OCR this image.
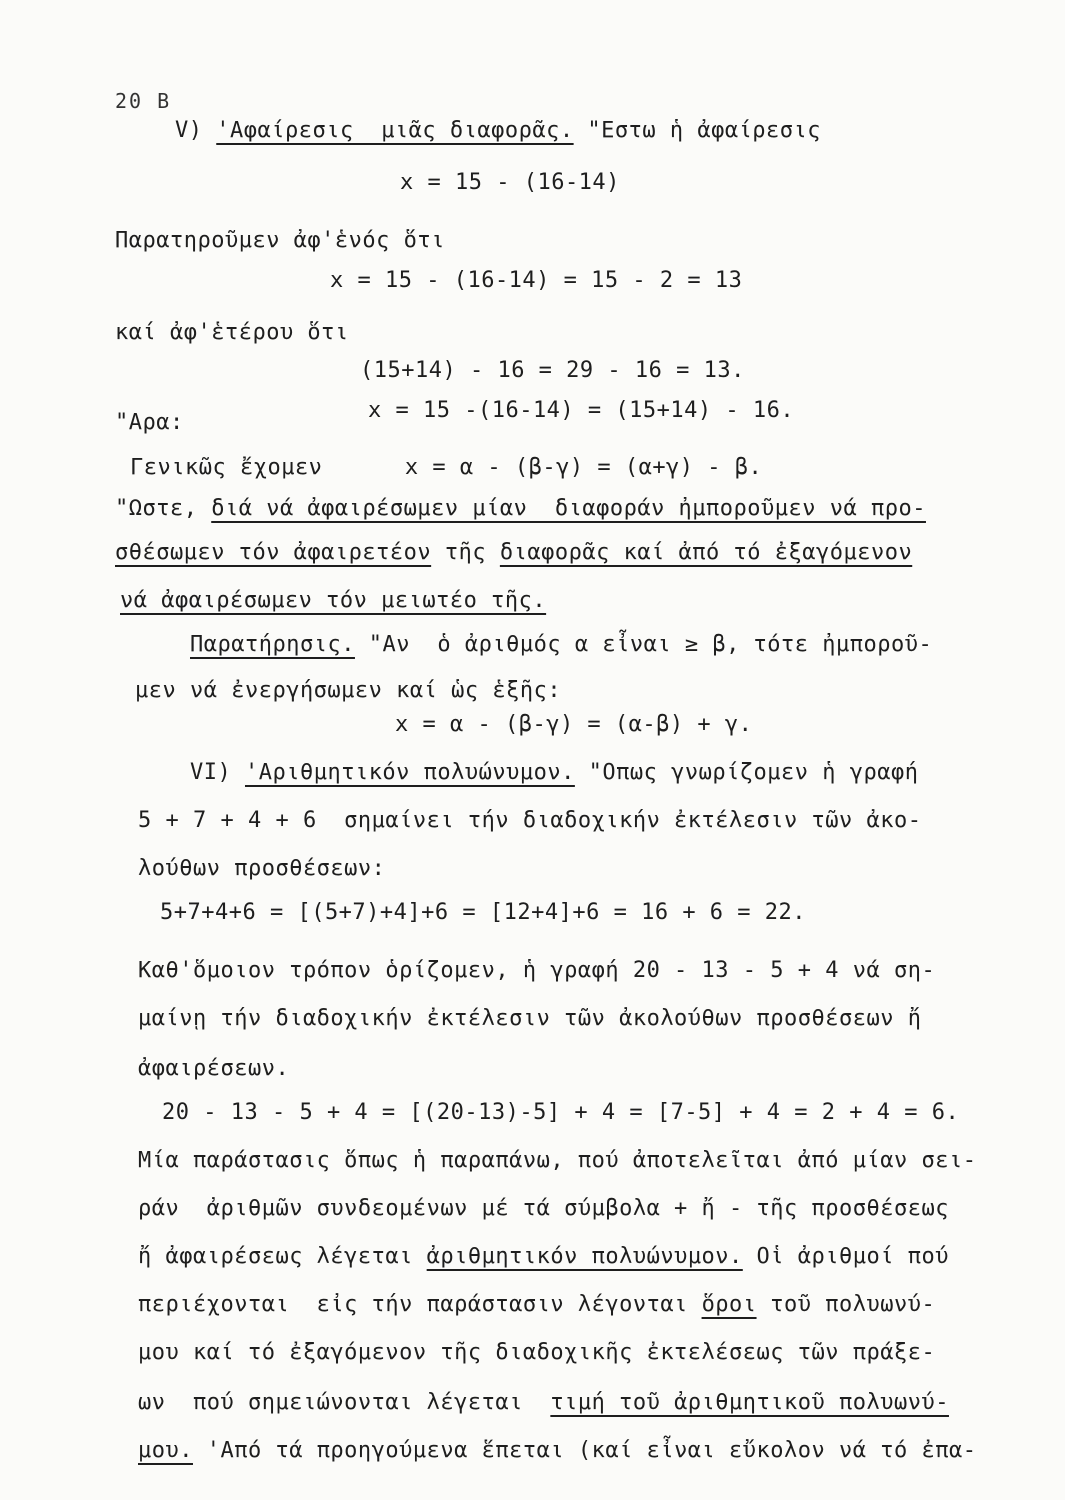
20 B
V) 'Αφαίρεσις  μιᾶς διαφορᾶς. "Εστω ἡ ἀφαίρεσις
x = 15 - (16-14)
Παρατηροῦμεν ἀφ'ἑνός ὅτι
x = 15 - (16-14) = 15 - 2 = 13
καί ἀφ'ἑτέρου ὅτι
(15+14) - 16 = 29 - 16 = 13.
"Αρα:	x = 15 -(16-14) = (15+14) - 16.
Γενικῶς ἔχομεν      x = α - (β-γ) = (α+γ) - β.
"Ωστε, διά νά ἀφαιρέσωμεν μίαν  διαφοράν ἠμποροῦμεν νά προ-
σθέσωμεν τόν ἀφαιρετέον τῆς διαφορᾶς καί ἀπό τό ἐξαγόμενον
νά ἀφαιρέσωμεν τόν μειωτέο τῆς.
Παρατήρησις. "Αν  ὁ ἀριθμός α εἶναι ≥ β, τότε ἠμποροῦ-
μεν νά ἐνεργήσωμεν καί ὡς ἑξῆς:
x = α - (β-γ) = (α-β) + γ.
VI) 'Αριθμητικόν πολυώνυμον. "Οπως γνωρίζομεν ἡ γραφή
5 + 7 + 4 + 6  σημαίνει τήν διαδοχικήν ἐκτέλεσιν τῶν ἀκο-
λούθων προσθέσεων:
5+7+4+6 = [(5+7)+4]+6 = [12+4]+6 = 16 + 6 = 22.
Καθ'ὅμοιον τρόπον ὁρίζομεν, ἡ γραφή 20 - 13 - 5 + 4 νά ση-
μαίνῃ τήν διαδοχικήν ἐκτέλεσιν τῶν ἀκολούθων προσθέσεων ἤ
ἀφαιρέσεων.
20 - 13 - 5 + 4 = [(20-13)-5] + 4 = [7-5] + 4 = 2 + 4 = 6.
Μία παράστασις ὅπως ἡ παραπάνω, πού ἀποτελεῖται ἀπό μίαν σει-
ράν  ἀριθμῶν συνδεομένων μέ τά σύμβολα + ἤ - τῆς προσθέσεως
ἤ ἀφαιρέσεως λέγεται ἀριθμητικόν πολυώνυμον. Οἱ ἀριθμοί πού
περιέχονται  εἰς τήν παράστασιν λέγονται ὅροι τοῦ πολυωνύ-
μου καί τό ἐξαγόμενον τῆς διαδοχικῆς ἐκτελέσεως τῶν πράξε-
ων  πού σημειώνονται λέγεται  τιμή τοῦ ἀριθμητικοῦ πολυωνύ-
μου. 'Από τά προηγούμενα ἕπεται (καί εἶναι εὔκολον νά τό ἐπα-
